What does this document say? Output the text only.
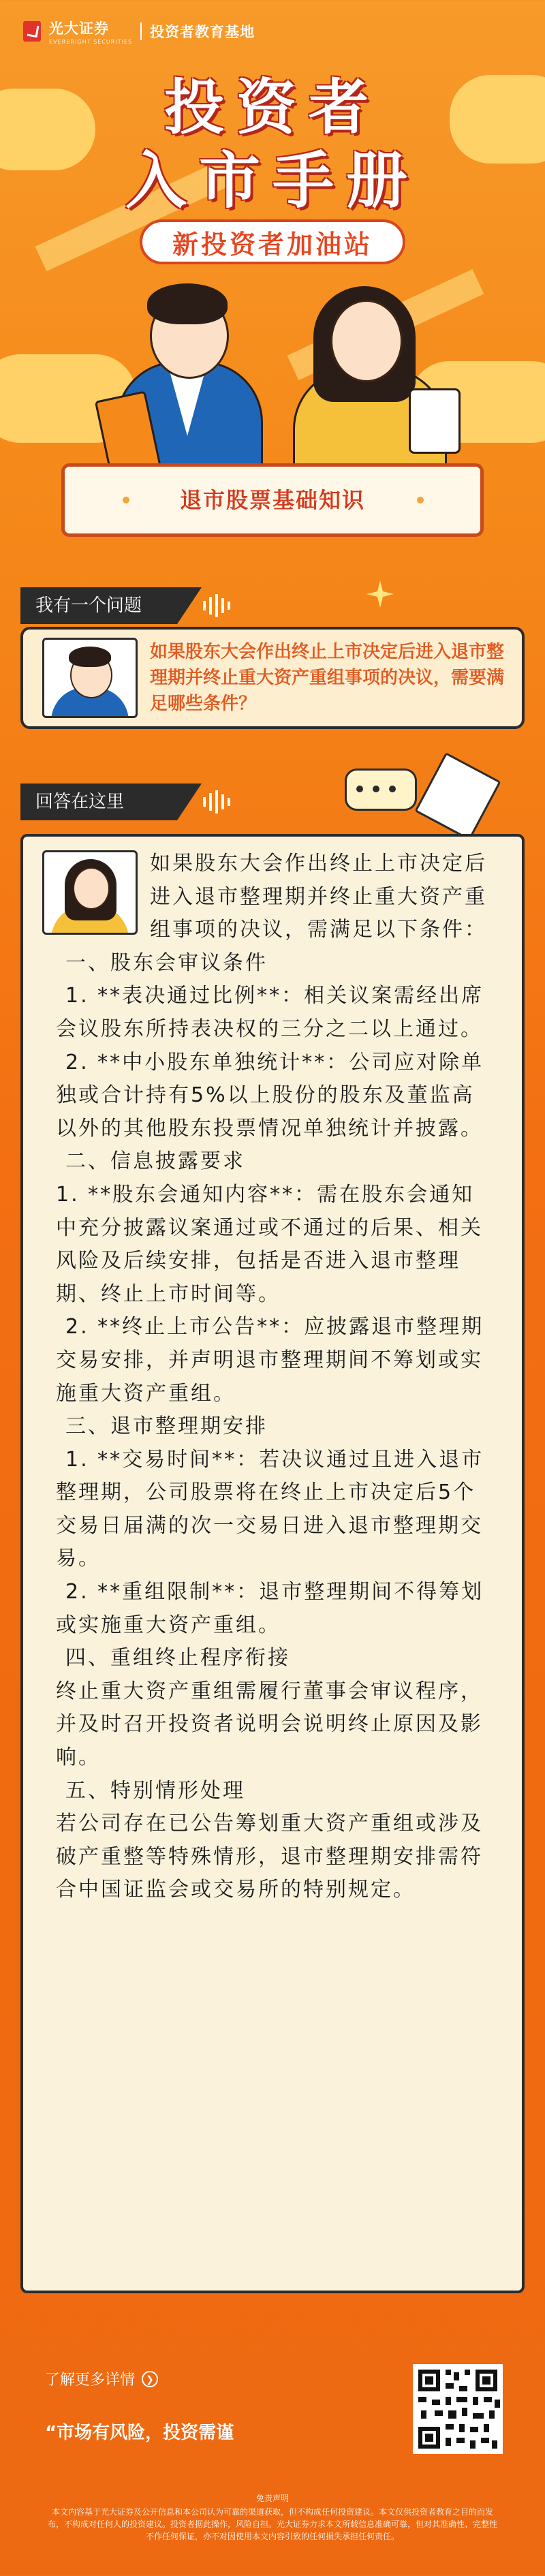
光大证券
EVERBRIGHT SECURITIES
投资者教育基地
投资者
入市手册
新投资者加油站
退市股票基础知识
我有一个问题
如果股东大会作出终止上市决定后进入退市整理期并终止重大资产重组事项的决议，需要满足哪些条件？
回答在这里

如果股东大会作出终止上市决定后进入退市整理期并终止重大资产重组事项的决议，需满足以下条件：

一、股东会审议条件

1. **表决通过比例**：相关议案需经出席会议股东所持表决权的三分之二以上通过。

2. **中小股东单独统计**：公司应对除单独或合计持有5%以上股份的股东及董监高以外的其他股东投票情况单独统计并披露。

二、信息披露要求

1. **股东会通知内容**：需在股东会通知中充分披露议案通过或不通过的后果、相关风险及后续安排，包括是否进入退市整理期、终止上市时间等。

2. **终止上市公告**：应披露退市整理期交易安排，并声明退市整理期间不筹划或实施重大资产重组。

三、退市整理期安排

1. **交易时间**：若决议通过且进入退市整理期，公司股票将在终止上市决定后5个交易日届满的次一交易日进入退市整理期交易。

2. **重组限制**：退市整理期间不得筹划或实施重大资产重组。

四、重组终止程序衔接

终止重大资产重组需履行董事会审议程序，并及时召开投资者说明会说明终止原因及影响。

五、特别情形处理

若公司存在已公告筹划重大资产重组或涉及破产重整等特殊情形，退市整理期安排需符合中国证监会或交易所的特别规定。

了解更多详情	❯
“市场有风险，投资需谨
免责声明
本文内容基于光大证券及公开信息和本公司认为可靠的渠道获取，但不构成任何投资建议。本文仅供投资者教育之目的而发布，不构成对任何人的投资建议。投资者据此操作，风险自担。光大证券力求本文所载信息准确可靠，但对其准确性、完整性不作任何保证，亦不对因使用本文内容引致的任何损失承担任何责任。
